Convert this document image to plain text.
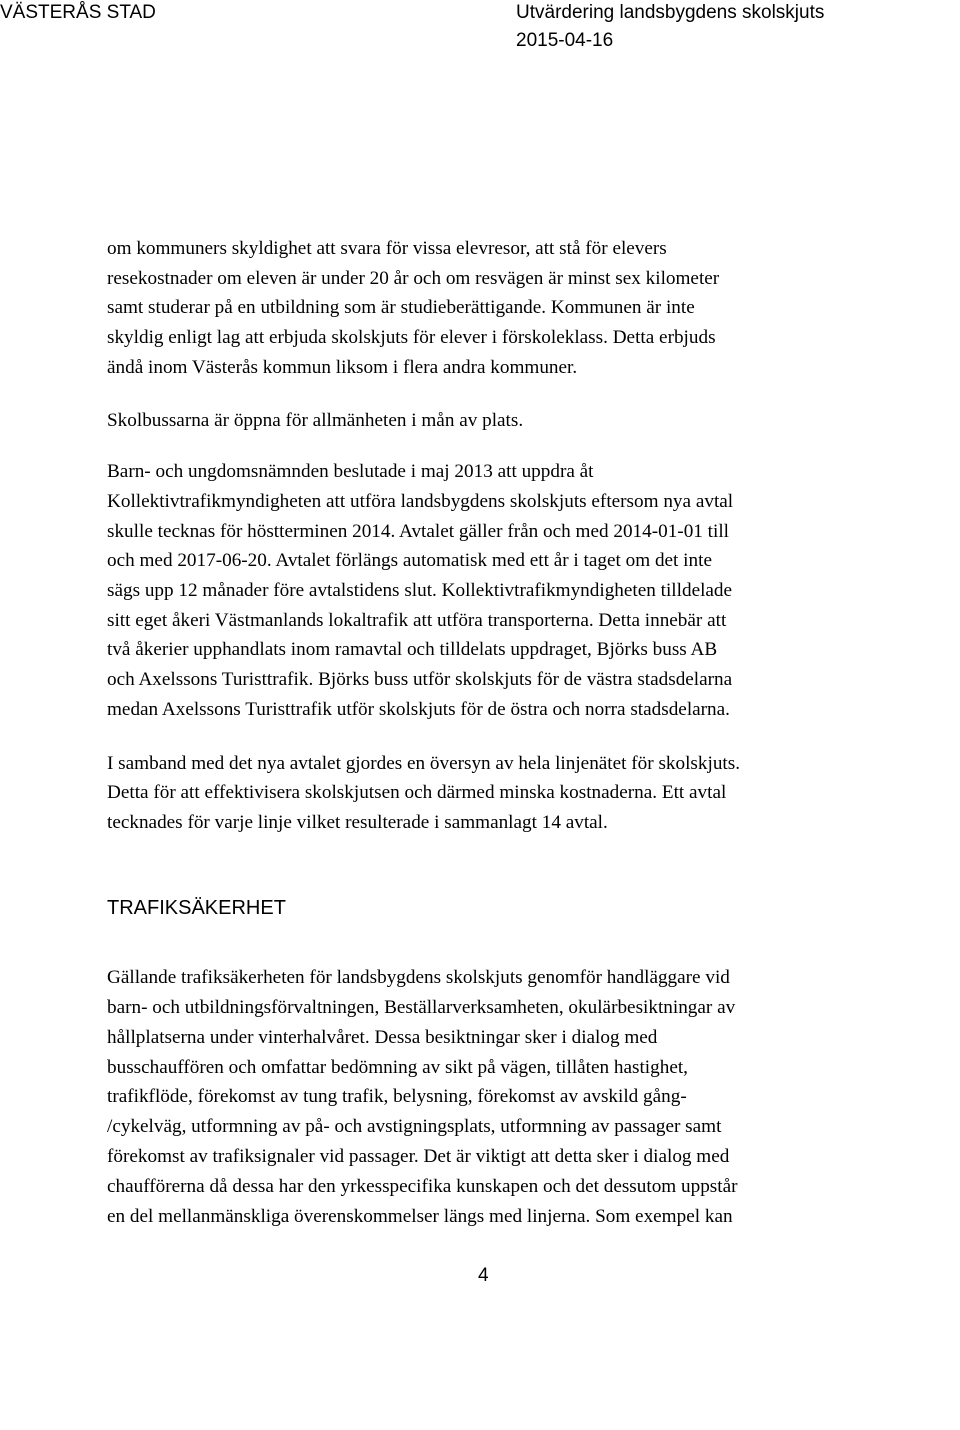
VÄSTERÅS STAD	Utvärdering landsbygdens skolskjuts
2015-04-16

om kommuners skyldighet att svara för vissa elevresor, att stå för elevers
resekostnader om eleven är under 20 år och om resvägen är minst sex kilometer
samt studerar på en utbildning som är studieberättigande. Kommunen är inte
skyldig enligt lag att erbjuda skolskjuts för elever i förskoleklass. Detta erbjuds
ändå inom Västerås kommun liksom i flera andra kommuner.

Skolbussarna är öppna för allmänheten i mån av plats.

Barn- och ungdomsnämnden beslutade i maj 2013 att uppdra åt
Kollektivtrafikmyndigheten att utföra landsbygdens skolskjuts eftersom nya avtal
skulle tecknas för höstterminen 2014. Avtalet gäller från och med 2014-01-01 till
och med 2017-06-20. Avtalet förlängs automatisk med ett år i taget om det inte
sägs upp 12 månader före avtalstidens slut. Kollektivtrafikmyndigheten tilldelade
sitt eget åkeri Västmanlands lokaltrafik att utföra transporterna. Detta innebär att
två åkerier upphandlats inom ramavtal och tilldelats uppdraget, Björks buss AB
och Axelssons Turisttrafik. Björks buss utför skolskjuts för de västra stadsdelarna
medan Axelssons Turisttrafik utför skolskjuts för de östra och norra stadsdelarna.

I samband med det nya avtalet gjordes en översyn av hela linjenätet för skolskjuts.
Detta för att effektivisera skolskjutsen och därmed minska kostnaderna. Ett avtal
tecknades för varje linje vilket resulterade i sammanlagt 14 avtal.

TRAFIKSÄKERHET

Gällande trafiksäkerheten för landsbygdens skolskjuts genomför handläggare vid
barn- och utbildningsförvaltningen, Beställarverksamheten, okulärbesiktningar av
hållplatserna under vinterhalvåret. Dessa besiktningar sker i dialog med
busschauffören och omfattar bedömning av sikt på vägen, tillåten hastighet,
trafikflöde, förekomst av tung trafik, belysning, förekomst av avskild gång-
/cykelväg, utformning av på- och avstigningsplats, utformning av passager samt
förekomst av trafiksignaler vid passager. Det är viktigt att detta sker i dialog med
chaufförerna då dessa har den yrkesspecifika kunskapen och det dessutom uppstår
en del mellanmänskliga överenskommelser längs med linjerna. Som exempel kan

4
